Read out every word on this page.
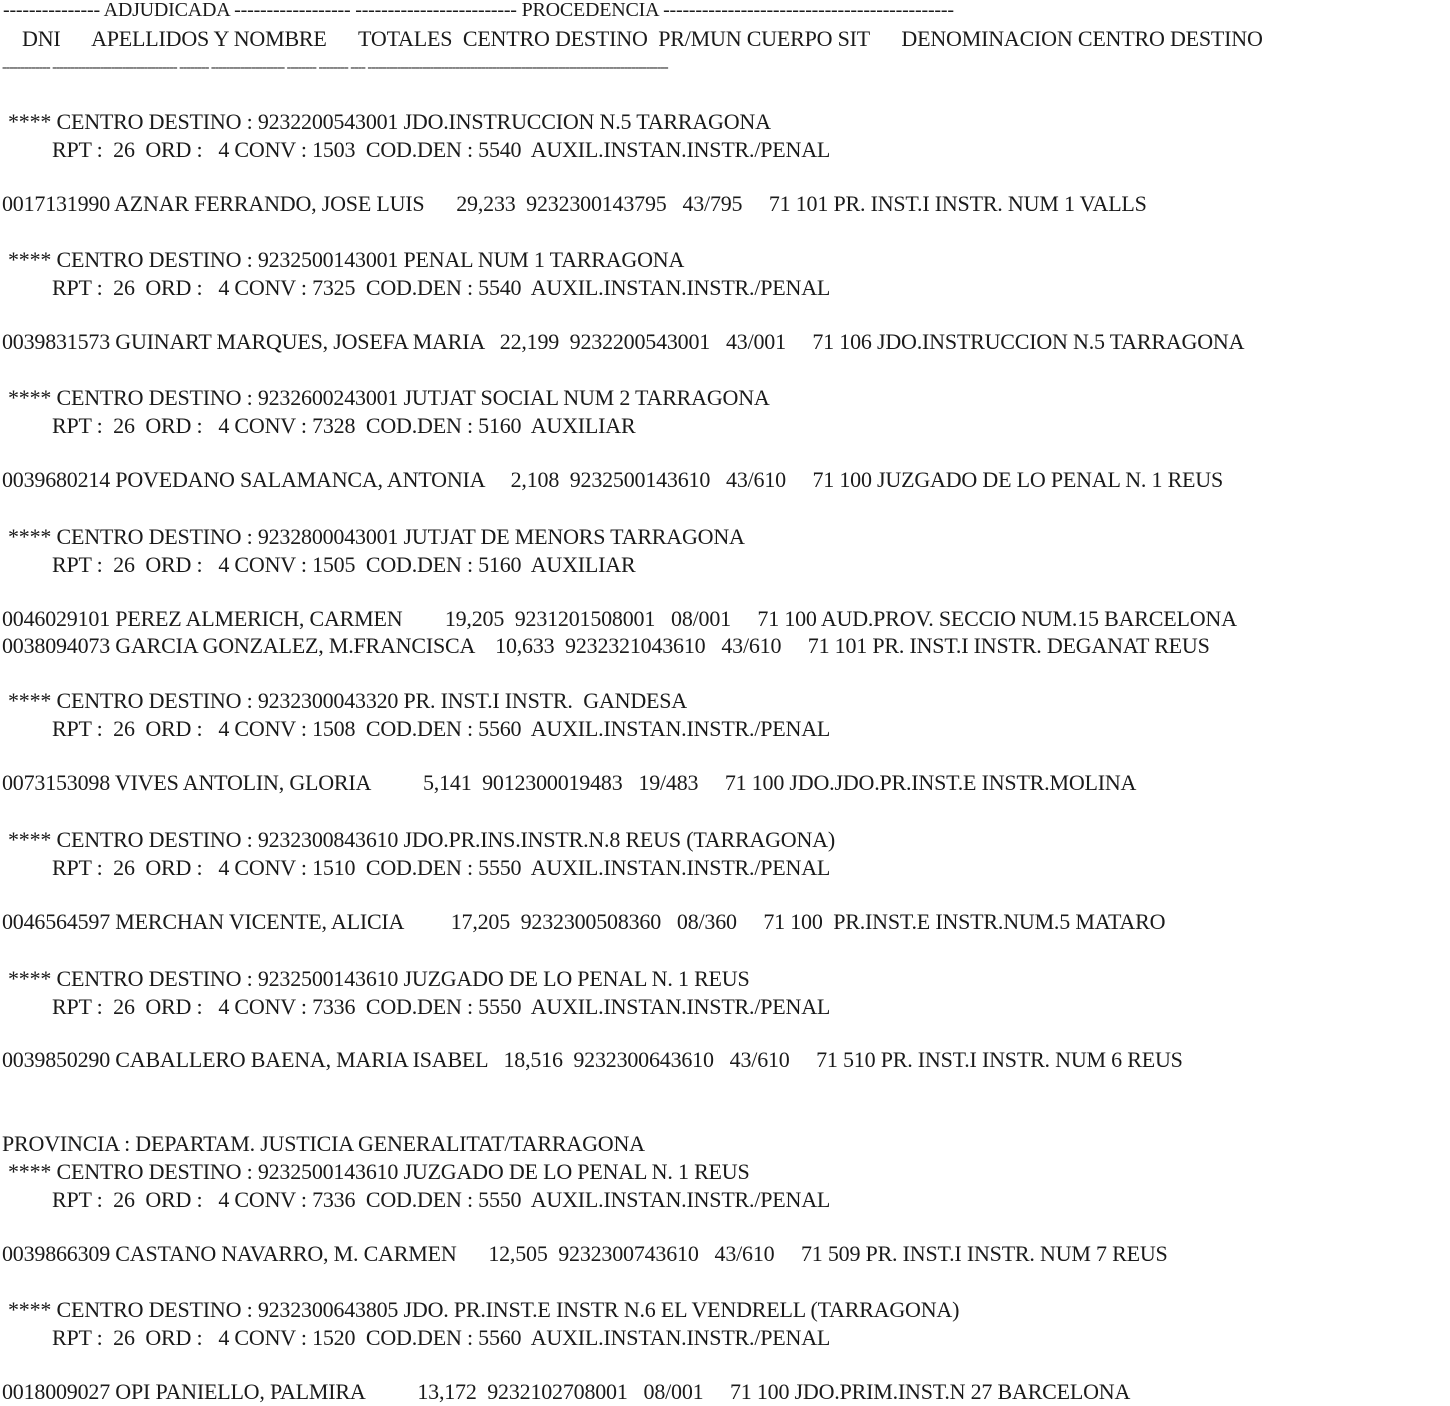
--------------- ADJUDICADA ------------------ ------------------------- PROCEDENCIA ---------------------------------------------
DNI      APELLIDOS Y NOMBRE      TOTALES  CENTRO DESTINO  PR/MUN CUERPO SIT      DENOMINACION CENTRO DESTINO
------------- ---------------------------------- -------- -------------------- -------- -------- ---- ----------------------------------------------------------------------------------
**** CENTRO DESTINO : 9232200543001 JDO.INSTRUCCION N.5 TARRAGONA
RPT :  26  ORD :   4 CONV : 1503  COD.DEN : 5540  AUXIL.INSTAN.INSTR./PENAL
0017131990 AZNAR FERRANDO, JOSE LUIS      29,233  9232300143795   43/795     71 101 PR. INST.I INSTR. NUM 1 VALLS
**** CENTRO DESTINO : 9232500143001 PENAL NUM 1 TARRAGONA
RPT :  26  ORD :   4 CONV : 7325  COD.DEN : 5540  AUXIL.INSTAN.INSTR./PENAL
0039831573 GUINART MARQUES, JOSEFA MARIA   22,199  9232200543001   43/001     71 106 JDO.INSTRUCCION N.5 TARRAGONA
**** CENTRO DESTINO : 9232600243001 JUTJAT SOCIAL NUM 2 TARRAGONA
RPT :  26  ORD :   4 CONV : 7328  COD.DEN : 5160  AUXILIAR
0039680214 POVEDANO SALAMANCA, ANTONIA     2,108  9232500143610   43/610     71 100 JUZGADO DE LO PENAL N. 1 REUS
**** CENTRO DESTINO : 9232800043001 JUTJAT DE MENORS TARRAGONA
RPT :  26  ORD :   4 CONV : 1505  COD.DEN : 5160  AUXILIAR
0046029101 PEREZ ALMERICH, CARMEN        19,205  9231201508001   08/001     71 100 AUD.PROV. SECCIO NUM.15 BARCELONA
0038094073 GARCIA GONZALEZ, M.FRANCISCA    10,633  9232321043610   43/610     71 101 PR. INST.I INSTR. DEGANAT REUS
**** CENTRO DESTINO : 9232300043320 PR. INST.I INSTR.  GANDESA
RPT :  26  ORD :   4 CONV : 1508  COD.DEN : 5560  AUXIL.INSTAN.INSTR./PENAL
0073153098 VIVES ANTOLIN, GLORIA          5,141  9012300019483   19/483     71 100 JDO.JDO.PR.INST.E INSTR.MOLINA
**** CENTRO DESTINO : 9232300843610 JDO.PR.INS.INSTR.N.8 REUS (TARRAGONA)
RPT :  26  ORD :   4 CONV : 1510  COD.DEN : 5550  AUXIL.INSTAN.INSTR./PENAL
0046564597 MERCHAN VICENTE, ALICIA         17,205  9232300508360   08/360     71 100  PR.INST.E INSTR.NUM.5 MATARO
**** CENTRO DESTINO : 9232500143610 JUZGADO DE LO PENAL N. 1 REUS
RPT :  26  ORD :   4 CONV : 7336  COD.DEN : 5550  AUXIL.INSTAN.INSTR./PENAL
0039850290 CABALLERO BAENA, MARIA ISABEL   18,516  9232300643610   43/610     71 510 PR. INST.I INSTR. NUM 6 REUS
PROVINCIA : DEPARTAM. JUSTICIA GENERALITAT/TARRAGONA
**** CENTRO DESTINO : 9232500143610 JUZGADO DE LO PENAL N. 1 REUS
RPT :  26  ORD :   4 CONV : 7336  COD.DEN : 5550  AUXIL.INSTAN.INSTR./PENAL
0039866309 CASTANO NAVARRO, M. CARMEN      12,505  9232300743610   43/610     71 509 PR. INST.I INSTR. NUM 7 REUS
**** CENTRO DESTINO : 9232300643805 JDO. PR.INST.E INSTR N.6 EL VENDRELL (TARRAGONA)
RPT :  26  ORD :   4 CONV : 1520  COD.DEN : 5560  AUXIL.INSTAN.INSTR./PENAL
0018009027 OPI PANIELLO, PALMIRA          13,172  9232102708001   08/001     71 100 JDO.PRIM.INST.N 27 BARCELONA
